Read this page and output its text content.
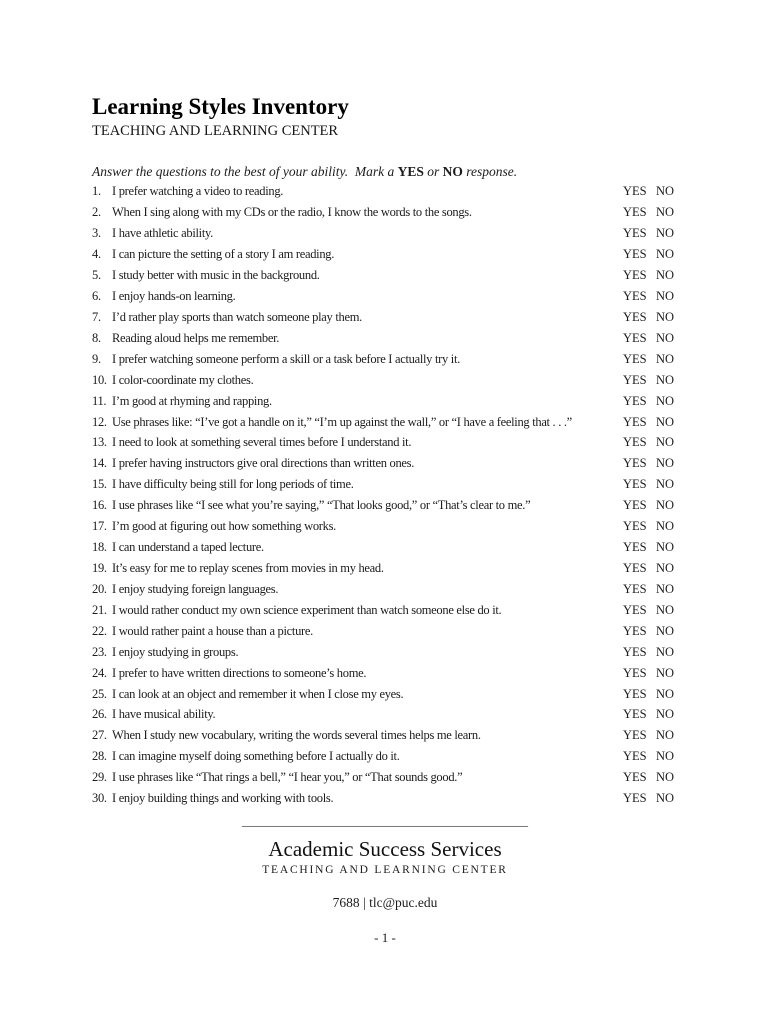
Learning Styles Inventory
TEACHING AND LEARNING CENTER

Answer the questions to the best of your ability.  Mark a YES or NO response.

1. I prefer watching a video to reading.	YES NO
2. When I sing along with my CDs or the radio, I know the words to the songs.	YES NO
3. I have athletic ability.	YES NO
4. I can picture the setting of a story I am reading.	YES NO
5. I study better with music in the background.	YES NO
6. I enjoy hands-on learning.	YES NO
7. I’d rather play sports than watch someone play them.	YES NO
8. Reading aloud helps me remember.	YES NO
9. I prefer watching someone perform a skill or a task before I actually try it.	YES NO
10. I color-coordinate my clothes.	YES NO
11. I’m good at rhyming and rapping.	YES NO
12. Use phrases like: “I’ve got a handle on it,” “I’m up against the wall,” or “I have a feeling that . . .”	YES NO
13. I need to look at something several times before I understand it.	YES NO
14. I prefer having instructors give oral directions than written ones.	YES NO
15. I have difficulty being still for long periods of time.	YES NO
16. I use phrases like “I see what you’re saying,” “That looks good,” or “That’s clear to me.”	YES NO
17. I’m good at figuring out how something works.	YES NO
18. I can understand a taped lecture.	YES NO
19. It’s easy for me to replay scenes from movies in my head.	YES NO
20. I enjoy studying foreign languages.	YES NO
21. I would rather conduct my own science experiment than watch someone else do it.	YES NO
22. I would rather paint a house than a picture.	YES NO
23. I enjoy studying in groups.	YES NO
24. I prefer to have written directions to someone’s home.	YES NO
25. I can look at an object and remember it when I close my eyes.	YES NO
26. I have musical ability.	YES NO
27. When I study new vocabulary, writing the words several times helps me learn.	YES NO
28. I can imagine myself doing something before I actually do it.	YES NO
29. I use phrases like “That rings a bell,” “I hear you,” or “That sounds good.”	YES NO
30. I enjoy building things and working with tools.	YES NO
____________________________________________
Academic Success Services
TEACHING AND LEARNING CENTER
7688 | tlc@puc.edu
- 1 -
